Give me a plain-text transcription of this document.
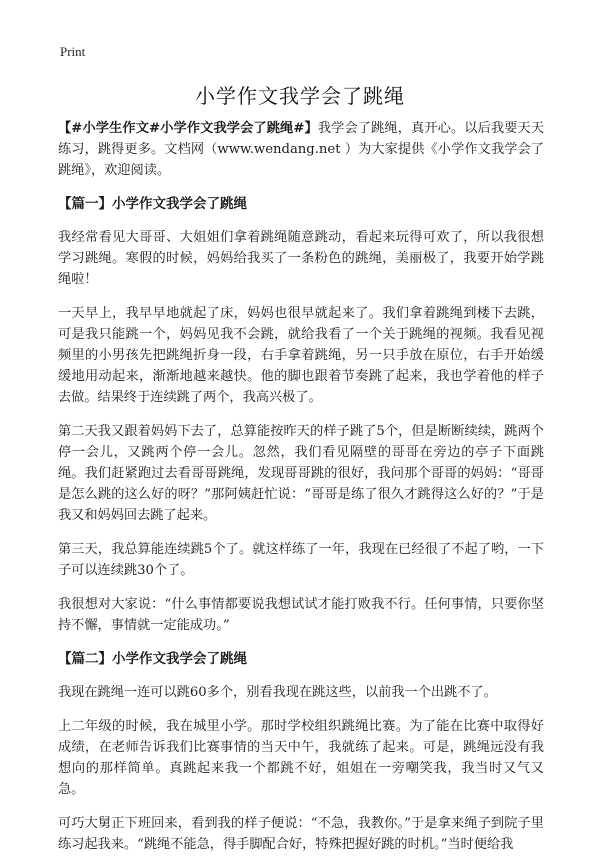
Print
小学作文我学会了跳绳

【#小学生作文#小学作文我学会了跳绳#】我学会了跳绳，真开心。以后我要天天练习，跳得更多。文档网（www.wendang.net ）为大家提供《小学作文我学会了跳绳》，欢迎阅读。

【篇一】小学作文我学会了跳绳

我经常看见大哥哥、大姐姐们拿着跳绳随意跳动，看起来玩得可欢了，所以我很想学习跳绳。寒假的时候，妈妈给我买了一条粉色的跳绳，美丽极了，我要开始学跳绳啦！

一天早上，我早早地就起了床，妈妈也很早就起来了。我们拿着跳绳到楼下去跳，可是我只能跳一个，妈妈见我不会跳，就给我看了一个关于跳绳的视频。我看见视频里的小男孩先把跳绳折身一段，右手拿着跳绳，另一只手放在原位，右手开始缓缓地用动起来，渐渐地越来越快。他的脚也跟着节奏跳了起来，我也学着他的样子去做。结果终于连续跳了两个，我高兴极了。

第二天我又跟着妈妈下去了，总算能按昨天的样子跳了5个，但是断断续续，跳两个停一会儿，又跳两个停一会儿。忽然，我们看见隔壁的哥哥在旁边的亭子下面跳绳。我们赶紧跑过去看哥哥跳绳，发现哥哥跳的很好，我问那个哥哥的妈妈：“哥哥是怎么跳的这么好的呀？”那阿姨赶忙说：“哥哥是练了很久才跳得这么好的？”于是我又和妈妈回去跳了起来。

第三天，我总算能连续跳5个了。就这样练了一年，我现在已经很了不起了哟，一下子可以连续跳30个了。

我很想对大家说：“什么事情都要说我想试试才能打败我不行。任何事情，只要你坚持不懈，事情就一定能成功。”

【篇二】小学作文我学会了跳绳

我现在跳绳一连可以跳60多个，别看我现在跳这些，以前我一个出跳不了。

上二年级的时候，我在城里小学。那时学校组织跳绳比赛。为了能在比赛中取得好成绩，在老师告诉我们比赛事情的当天中午，我就练了起来。可是，跳绳远没有我想向的那样简单。真跳起来我一个都跳不好，姐姐在一旁嘲笑我，我当时又气又急。

可巧大舅正下班回来，看到我的样子便说：“不急，我教你。”于是拿来绳子到院子里练习起我来。“跳绳不能急，得手脚配合好，特殊把握好跳的时机。”当时便给我
